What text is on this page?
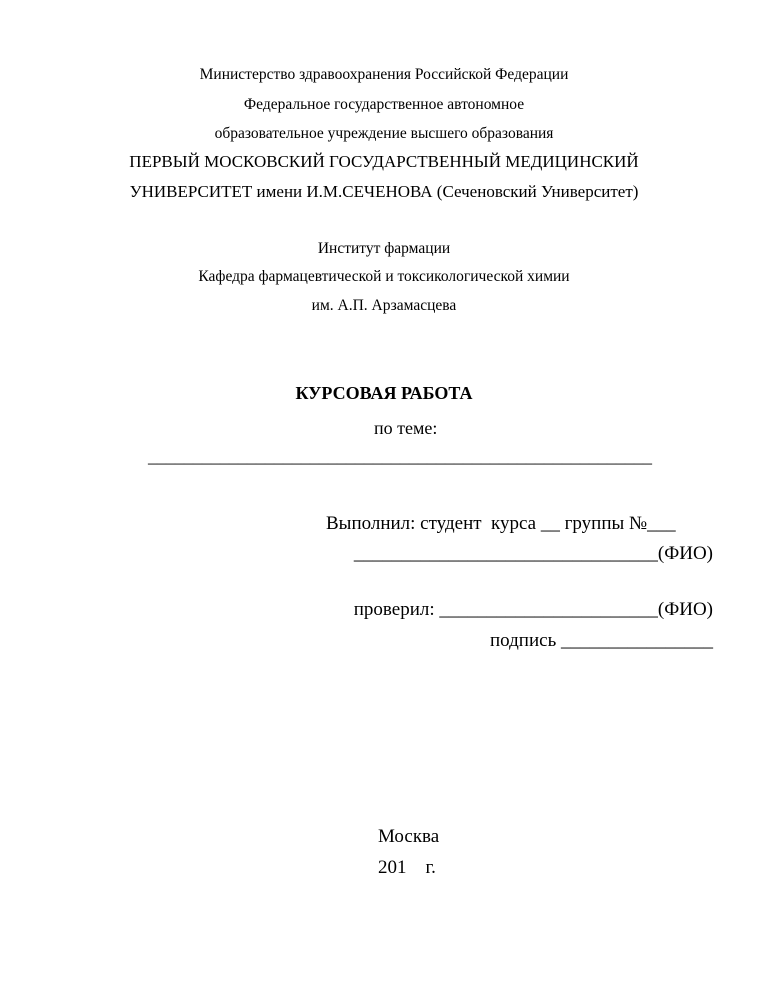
Министерство здравоохранения Российской Федерации
Федеральное государственное автономное
образовательное учреждение высшего образования
ПЕРВЫЙ МОСКОВСКИЙ ГОСУДАРСТВЕННЫЙ МЕДИЦИНСКИЙ
УНИВЕРСИТЕТ имени И.М.СЕЧЕНОВА (Сеченовский Университет)
Институт фармации
Кафедра фармацевтической и токсикологической химии
им. А.П. Арзамасцева
КУРСОВАЯ РАБОТА
по теме:
________________________________________________________
Выполнил: студент  курса __ группы №___
________________________________(ФИО)
проверил: _______________________(ФИО)
подпись ________________
Москва
201    г.
